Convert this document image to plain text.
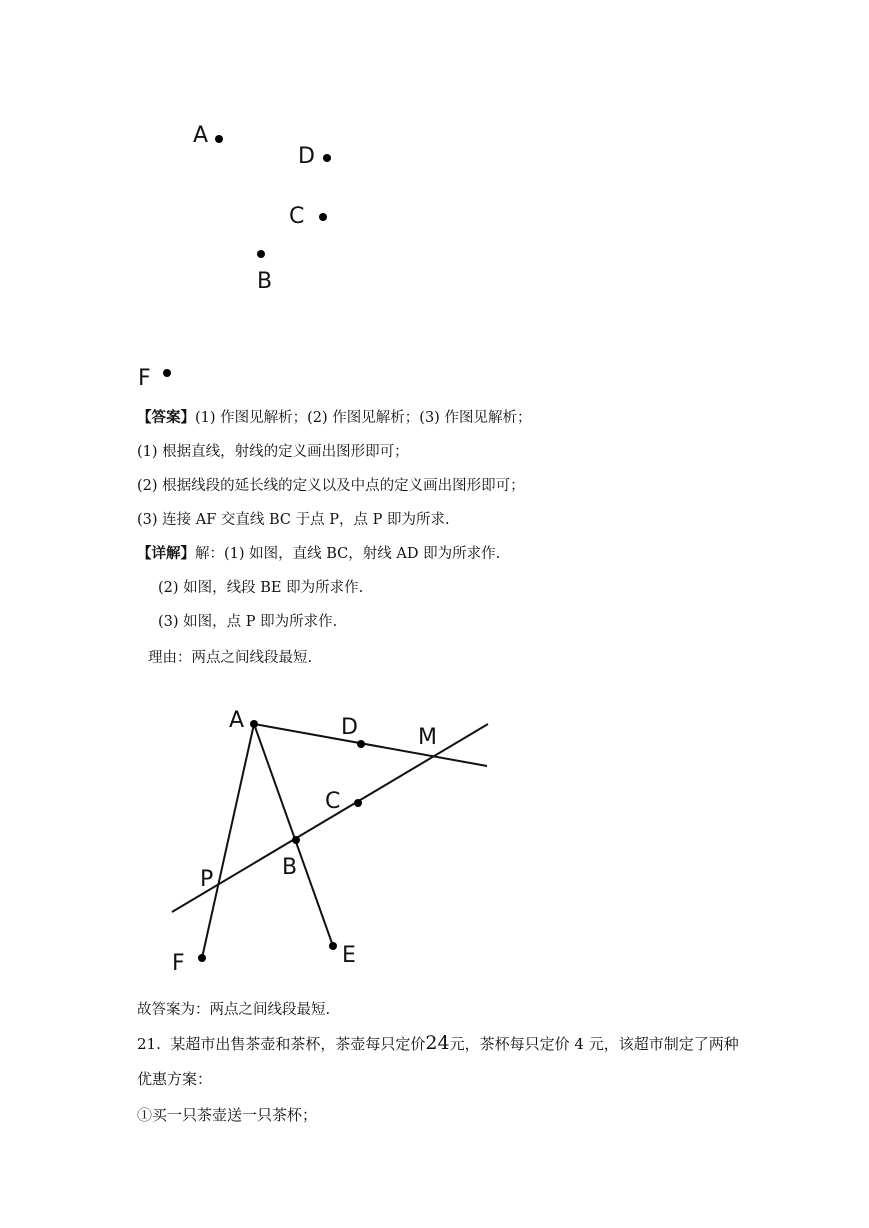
A
D
C
B
F
【答案】(1) 作图见解析；(2) 作图见解析；(3) 作图见解析；
(1) 根据直线，射线的定义画出图形即可；
(2) 根据线段的延长线的定义以及中点的定义画出图形即可；
(3) 连接 AF 交直线 BC 于点 P，点 P 即为所求.
【详解】解：(1) 如图，直线 BC，射线 AD 即为所求作.
(2) 如图，线段 BE 即为所求作.
(3) 如图，点 P 即为所求作.
理由：两点之间线段最短.
A	D	M
C
B
P
F	E
故答案为：两点之间线段最短.
21. 某超市出售茶壶和茶杯，茶壶每只定价24元，茶杯每只定价 4 元，该超市制定了两种
优惠方案：
①买一只茶壶送一只茶杯；
